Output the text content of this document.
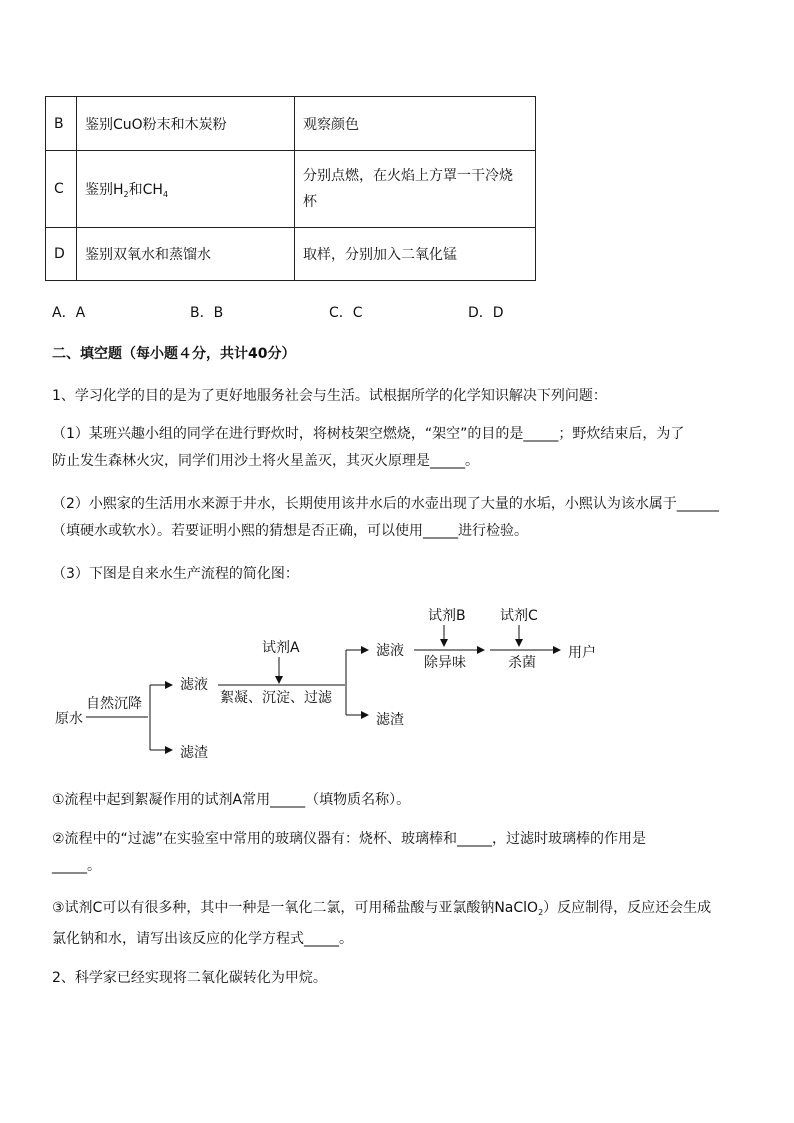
B	鉴别CuO粉末和木炭粉	观察颜色
C	鉴别$H_2$和$CH_4$	分别点燃，在火焰上方罩一干冷烧
杯
D	鉴别双氧水和蒸馏水	取样，分别加入二氧化锰
A．A	B．B	C．C	D．D
二、填空题（每小题４分，共计40分）
1、学习化学的目的是为了更好地服务社会与生活。试根据所学的化学知识解决下列问题：
（1）某班兴趣小组的同学在进行野炊时，将树枝架空燃烧，“架空”的目的是_____；野炊结束后，为了
防止发生森林火灾，同学们用沙土将火星盖灭，其灭火原理是_____。
（2）小熙家的生活用水来源于井水，长期使用该井水后的水壶出现了大量的水垢，小熙认为该水属于______
（填硬水或软水）。若要证明小熙的猜想是否正确，可以使用_____进行检验。
（3）下图是自来水生产流程的简化图：
原水
自然沉降
滤液
滤渣
试剂A
絮凝、沉淀、过滤
滤液
滤渣
试剂B
除异味
试剂C
杀菌
用户
①流程中起到絮凝作用的试剂A常用_____（填物质名称）。
②流程中的“过滤”在实验室中常用的玻璃仪器有：烧杯、玻璃棒和_____，过滤时玻璃棒的作用是
_____。
③试剂C可以有很多种，其中一种是一氧化二氯，可用稀盐酸与亚氯酸钠NaClO$_2$）反应制得，反应还会生成
氯化钠和水，请写出该反应的化学方程式_____。
2、科学家已经实现将二氧化碳转化为甲烷。
